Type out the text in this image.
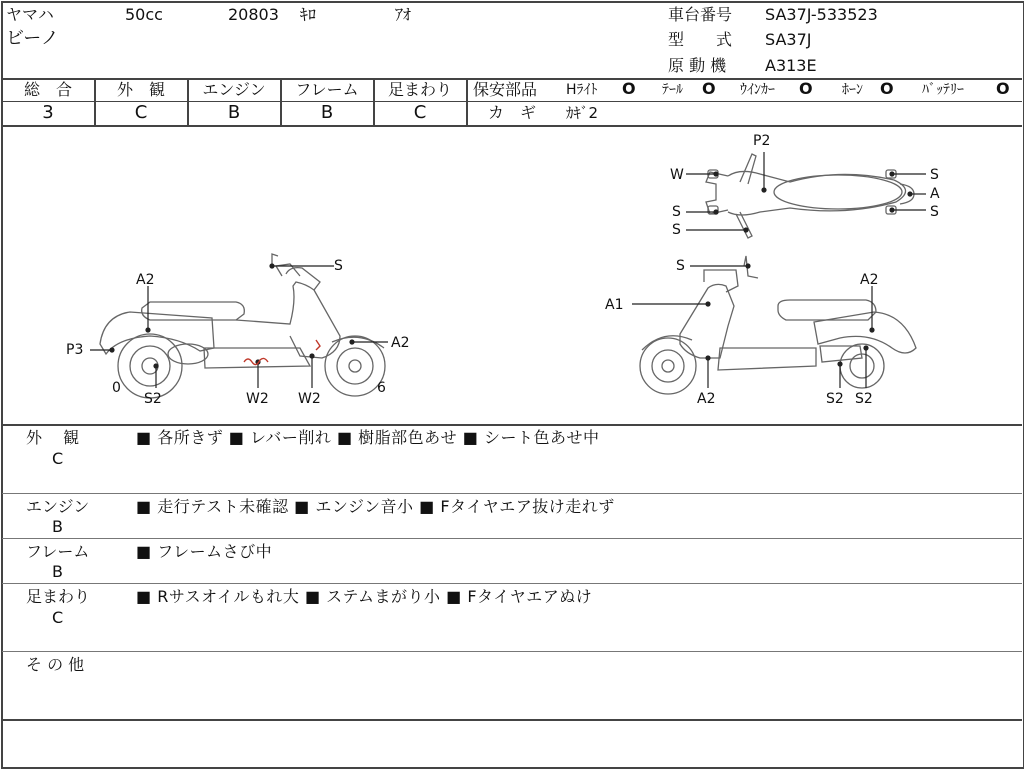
ヤマハ	50cc	20803 ｷﾛ	ｱｵ
ビーノ
車台番号 SA37J-533523
型　　式 SA37J
原 動 機 A313E
総　合	外　観	エンジン	フレーム	足まわり
3	C	B	B	C
保安部品 Hﾗｲﾄ O ﾃｰﾙ O ｳｲﾝｶｰ O ﾎｰﾝ O ﾊﾞｯﾃﾘｰ O
カ　ギ ｶｷﾞ2
S
A2
P3	A2
0	6
S2	W2 W2
S
A1
A2
A2	S2 S2
P2
W
S
S
S
A
S
外　 観
C
■ 各所きず ■ レバー削れ ■ 樹脂部色あせ ■ シート色あせ中
エンジン
B
■ 走行テスト未確認 ■ エンジン音小 ■ Fタイヤエア抜け走れず
フレーム
B
■ フレームさび中
足まわり
C
■ Rサスオイルもれ大 ■ ステムまがり小 ■ Fタイヤエアぬけ
そ の 他
